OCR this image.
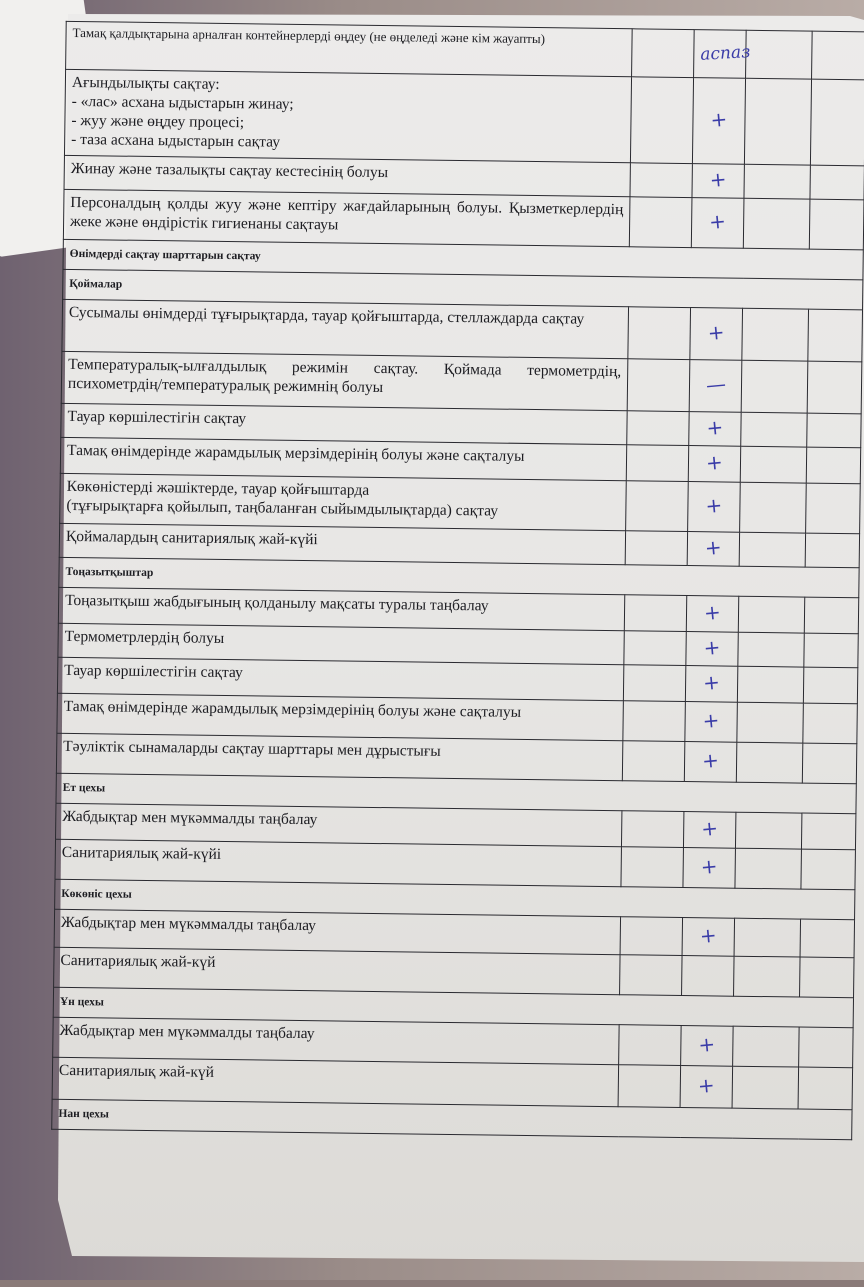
Тамақ қалдықтарына арналған контейнерлерді өңдеу (не өңделеді және кім жауапты)		аспаз		

Ағындылықты сақтау:
- «лас» асхана ыдыстарын жинау;
- жуу және өңдеу процесі;
- таза асхана ыдыстарын сақтау		+		

Жинау және тазалықты сақтау кестесінің болуы		+		

Персоналдың қолды жуу және кептіру жағдайларының болуы. Қызметкерлердің жеке және өндірістік гигиенаны сақтауы		+		
Өнімдерді сақтау шарттарын сақтау				
Қоймалар				

Сусымалы өнімдерді тұғырықтарда, тауар қойғыштарда, стеллаждарда сақтау		+		

Температуралық-ылғалдылық режимін сақтау. Қоймада термометрдің, психометрдің/температуралық режимнің болуы		—		

Тауар көршілестігін сақтау		+		

Тамақ өнімдерінде жарамдылық мерзімдерінің болуы және сақталуы		+		

Көкөністерді жәшіктерде, тауар қойғыштарда
(тұғырықтарға қойылып, таңбаланған сыйымдылықтарда) сақтау		+		

Қоймалардың санитариялық жай-күйі		+		
Тоңазытқыштар				

Тоңазытқыш жабдығының қолданылу мақсаты туралы таңбалау		+		

Термометрлердің болуы		+		

Тауар көршілестігін сақтау		+		

Тамақ өнімдерінде жарамдылық мерзімдерінің болуы және сақталуы		+		

Тәуліктік сынамаларды сақтау шарттары мен дұрыстығы		+		
Ет цехы				

Жабдықтар мен мүкәммалды таңбалау		+		

Санитариялық жай-күйі		+		
Көкөніс цехы				

Жабдықтар мен мүкәммалды таңбалау		+		

Санитариялық жай-күй				

Ұн цехы				

Жабдықтар мен мүкәммалды таңбалау		+		

Санитариялық жай-күй		+		
Нан цехы				
